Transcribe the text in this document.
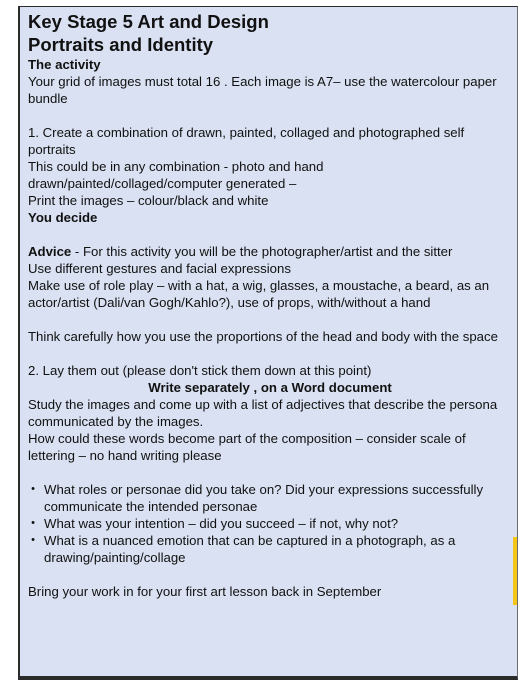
Key Stage 5 Art and Design

Portraits and Identity

The activity

Your grid of images must total 16 . Each image is A7– use the watercolour paper bundle

1. Create a combination of drawn, painted, collaged and photographed self portraits

This could be in any combination - photo and hand drawn/painted/collaged/computer generated –

Print the images – colour/black and white

You decide

Advice - For this activity you will be the photographer/artist and the sitter

Use different gestures and facial expressions

Make use of role play – with a hat, a wig, glasses, a moustache, a beard, as an actor/artist (Dali/van Gogh/Kahlo?), use of props, with/without a hand

Think carefully how you use the proportions of the head and body with the space

2. Lay them out (please don't stick them down at this point)

Write separately , on a Word document

Study the images and come up with a list of adjectives that describe the persona communicated by the images.

How could these words become part of the composition – consider scale of lettering – no hand writing please

• What roles or personae did you take on? Did your expressions successfully communicate the intended personae
• What was your intention – did you succeed – if not, why not?
• What is a nuanced emotion that can be captured in a photograph, as a drawing/painting/collage

Bring your work in for your first art lesson back in September
